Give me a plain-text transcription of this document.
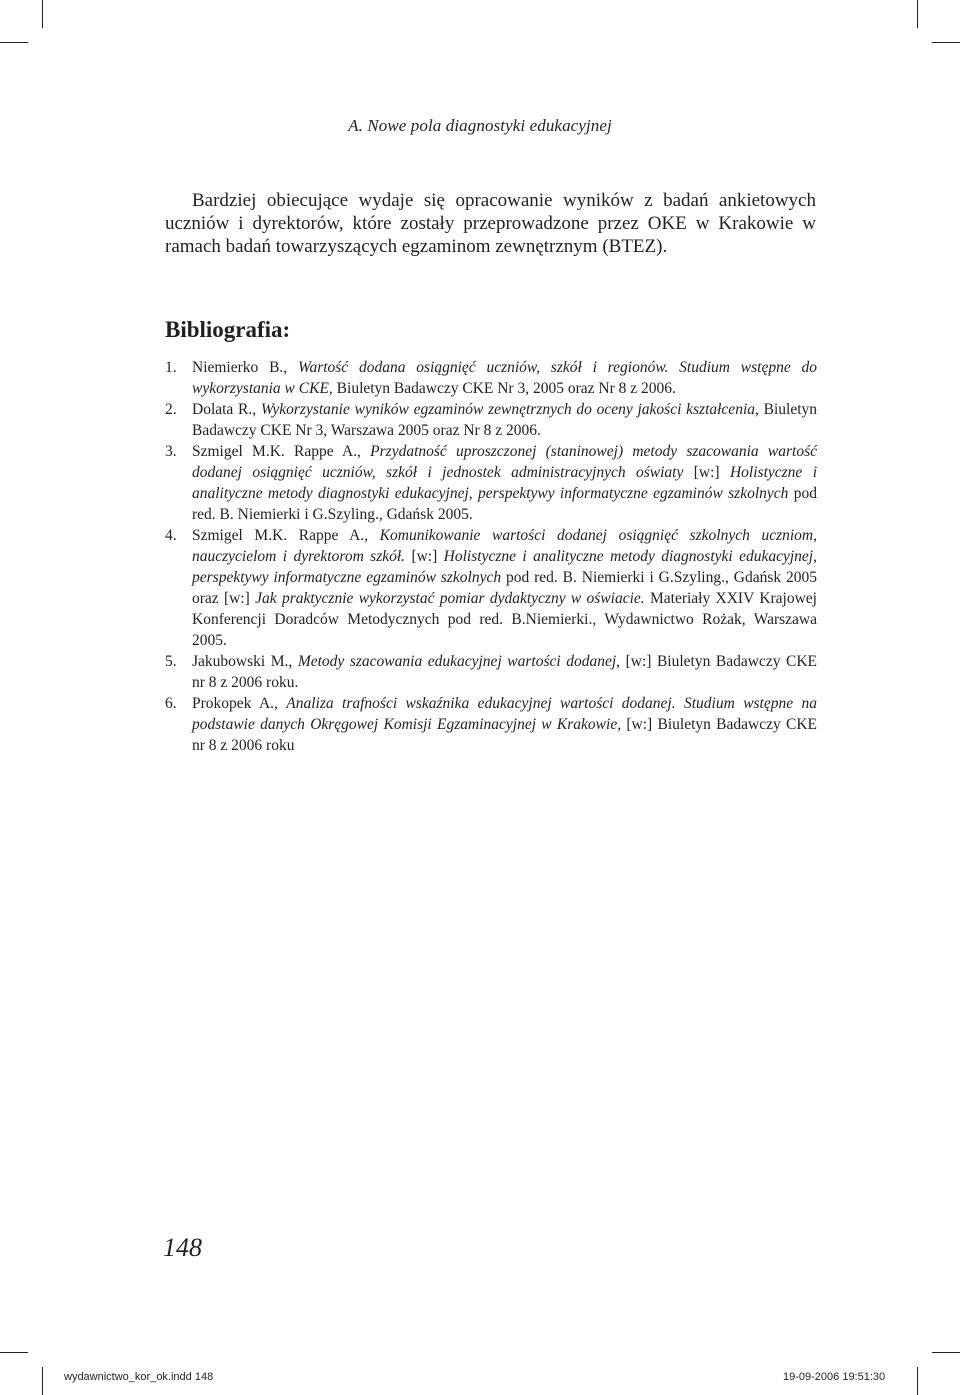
A. Nowe pola diagnostyki edukacyjnej

Bardziej obiecujące wydaje się opracowanie wyników z badań ankietowych uczniów i dyrektorów, które zostały przeprowadzone przez OKE w Krakowie w ramach badań towarzyszących egzaminom zewnętrznym (BTEZ).

Bibliografia:
1. Niemierko B., Wartość dodana osiągnięć uczniów, szkół i regionów. Studium wstępne do wykorzystania w CKE, Biuletyn Badawczy CKE Nr 3, 2005 oraz Nr 8 z 2006.
2. Dolata R., Wykorzystanie wyników egzaminów zewnętrznych do oceny jakości kształcenia, Biuletyn Badawczy CKE Nr 3, Warszawa 2005 oraz Nr 8 z 2006.
3. Szmigel M.K. Rappe A., Przydatność uproszczonej (staninowej) metody szacowania wartość dodanej osiągnięć uczniów, szkół i jednostek administracyjnych oświaty [w:] Holistyczne i analityczne metody diagnostyki edukacyjnej, perspektywy informatyczne egzaminów szkolnych pod red. B. Niemierki i G.Szyling., Gdańsk 2005.
4. Szmigel M.K. Rappe A., Komunikowanie wartości dodanej osiągnięć szkolnych uczniom, nauczycielom i dyrektorom szkół. [w:] Holistyczne i analityczne metody diagnostyki edukacyjnej, perspektywy informatyczne egzaminów szkolnych pod red. B. Niemierki i G.Szyling., Gdańsk 2005 oraz [w:] Jak praktycznie wykorzystać pomiar dydaktyczny w oświacie. Materiały XXIV Krajowej Konferencji Doradców Metodycznych pod red. B.Niemierki., Wydawnictwo Rożak, Warszawa 2005.
5. Jakubowski M., Metody szacowania edukacyjnej wartości dodanej, [w:] Biuletyn Badawczy CKE nr 8 z 2006 roku.
6. Prokopek A., Analiza trafności wskaźnika edukacyjnej wartości dodanej. Studium wstępne na podstawie danych Okręgowej Komisji Egzaminacyjnej w Krakowie, [w:] Biuletyn Badawczy CKE nr 8 z 2006 roku
148
wydawnictwo_kor_ok.indd 148	19-09-2006 19:51:30
